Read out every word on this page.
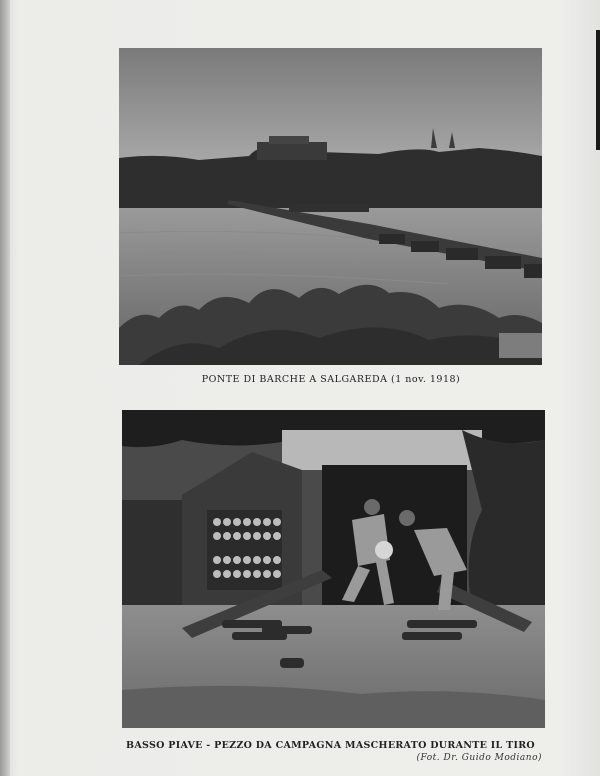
PONTE DI BARCHE A SALGAREDA (1 nov. 1918)
BASSO PIAVE - PEZZO DA CAMPAGNA MASCHERATO DURANTE IL TIRO
(Fot. Dr. Guido Modiano)
